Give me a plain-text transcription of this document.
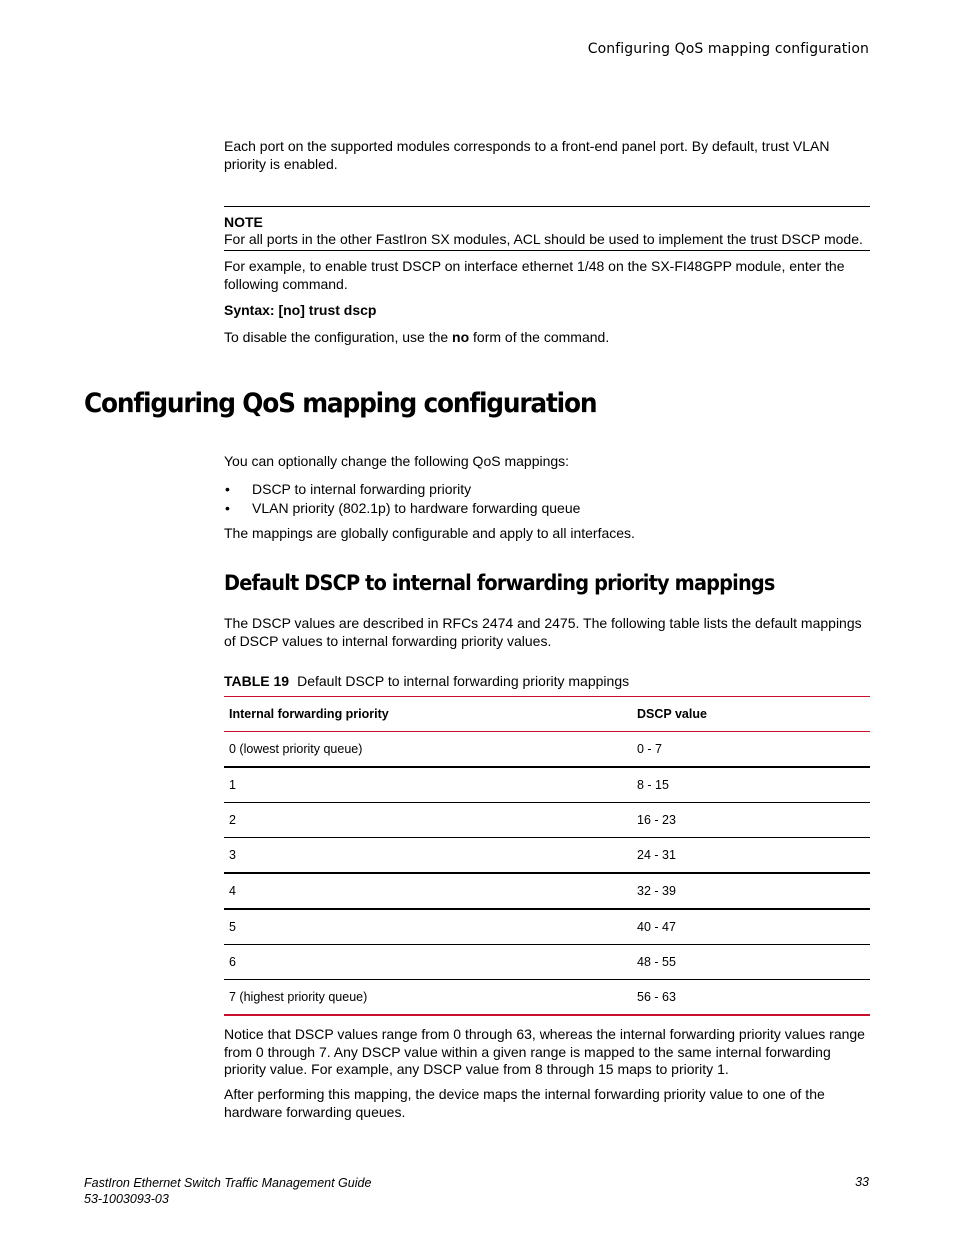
Configuring QoS mapping configuration

Each port on the supported modules corresponds to a front-end panel port. By default, trust VLAN priority is enabled.

NOTE
For all ports in the other FastIron SX modules, ACL should be used to implement the trust DSCP mode.

For example, to enable trust DSCP on interface ethernet 1/48 on the SX-FI48GPP module, enter the following command.

Syntax: [no] trust dscp

To disable the configuration, use the no form of the command.

Configuring QoS mapping configuration

You can optionally change the following QoS mappings:

• DSCP to internal forwarding priority
• VLAN priority (802.1p) to hardware forwarding queue

The mappings are globally configurable and apply to all interfaces.

Default DSCP to internal forwarding priority mappings

The DSCP values are described in RFCs 2474 and 2475. The following table lists the default mappings of DSCP values to internal forwarding priority values.

TABLE 19 Default DSCP to internal forwarding priority mappings
Internal forwarding priority	DSCP value
0 (lowest priority queue)	0 - 7
1	8 - 15
2	16 - 23
3	24 - 31
4	32 - 39
5	40 - 47
6	48 - 55
7 (highest priority queue)	56 - 63

Notice that DSCP values range from 0 through 63, whereas the internal forwarding priority values range from 0 through 7. Any DSCP value within a given range is mapped to the same internal forwarding priority value. For example, any DSCP value from 8 through 15 maps to priority 1.

After performing this mapping, the device maps the internal forwarding priority value to one of the hardware forwarding queues.

FastIron Ethernet Switch Traffic Management Guide
53-1003093-03
33
